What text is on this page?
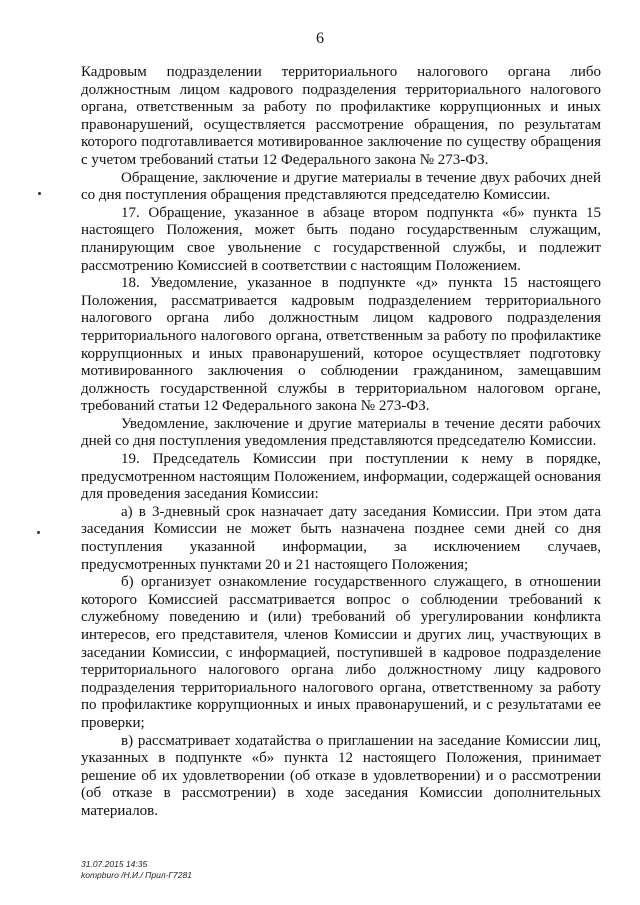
6

Кадровым подразделении территориального налогового органа либо должностным лицом кадрового подразделения территориального налогового органа, ответственным за работу по профилактике коррупционных и иных правонарушений, осуществляется рассмотрение обращения, по результатам которого подготавливается мотивированное заключение по существу обращения с учетом требований статьи 12 Федерального закона № 273-ФЗ.

Обращение, заключение и другие материалы в течение двух рабочих дней со дня поступления обращения представляются председателю Комиссии.

17. Обращение, указанное в абзаце втором подпункта «б» пункта 15 настоящего Положения, может быть подано государственным служащим, планирующим свое увольнение с государственной службы, и подлежит рассмотрению Комиссией в соответствии с настоящим Положением.

18. Уведомление, указанное в подпункте «д» пункта 15 настоящего Положения, рассматривается кадровым подразделением территориального налогового органа либо должностным лицом кадрового подразделения территориального налогового органа, ответственным за работу по профилактике коррупционных и иных правонарушений, которое осуществляет подготовку мотивированного заключения о соблюдении гражданином, замещавшим должность государственной службы в территориальном налоговом органе, требований статьи 12 Федерального закона № 273-ФЗ.

Уведомление, заключение и другие материалы в течение десяти рабочих дней со дня поступления уведомления представляются председателю Комиссии.

19. Председатель Комиссии при поступлении к нему в порядке, предусмотренном настоящим Положением, информации, содержащей основания для проведения заседания Комиссии:

а) в 3-дневный срок назначает дату заседания Комиссии. При этом дата заседания Комиссии не может быть назначена позднее семи дней со дня поступления указанной информации, за исключением случаев, предусмотренных пунктами 20 и 21 настоящего Положения;

б) организует ознакомление государственного служащего, в отношении которого Комиссией рассматривается вопрос о соблюдении требований к служебному поведению и (или) требований об урегулировании конфликта интересов, его представителя, членов Комиссии и других лиц, участвующих в заседании Комиссии, с информацией, поступившей в кадровое подразделение территориального налогового органа либо должностному лицу кадрового подразделения территориального налогового органа, ответственному за работу по профилактике коррупционных и иных правонарушений, и с результатами ее проверки;

в) рассматривает ходатайства о приглашении на заседание Комиссии лиц, указанных в подпункте «б» пункта 12 настоящего Положения, принимает решение об их удовлетворении (об отказе в удовлетворении) и о рассмотрении (об отказе в рассмотрении) в ходе заседания Комиссии дополнительных материалов.

31.07.2015 14:35
kompburo /Н.И./ Прил-Г7281
